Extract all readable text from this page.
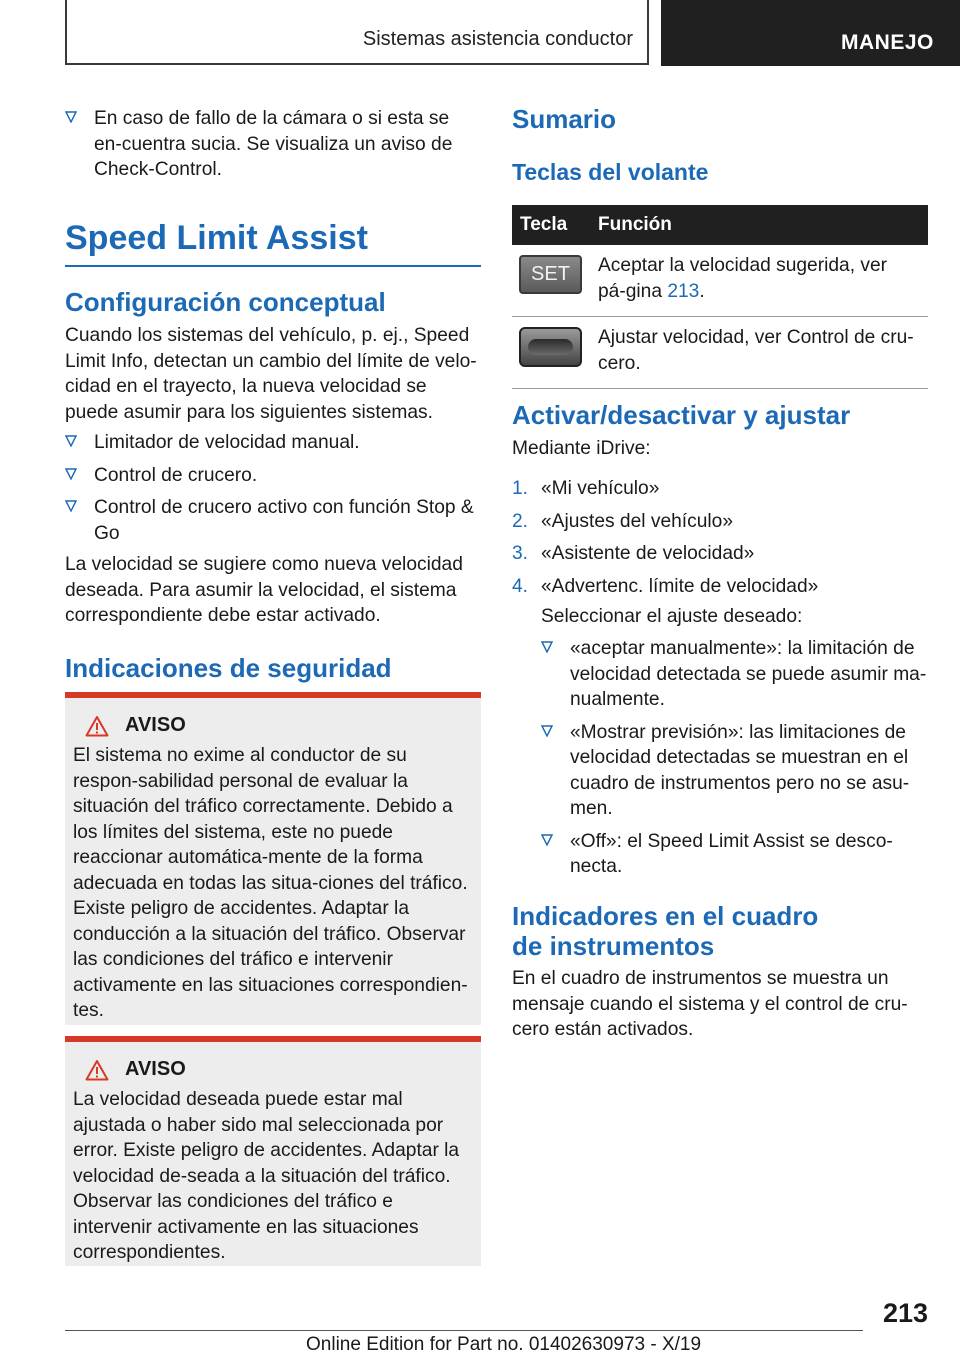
Sistemas asistencia conductor	MANEJO
En caso de fallo de la cámara o si esta se en-cuentra sucia. Se visualiza un aviso de Check-Control.
Speed Limit Assist
Configuración conceptual

Cuando los sistemas del vehículo, p. ej., Speed Limit Info, detectan un cambio del límite de velo-cidad en el trayecto, la nueva velocidad se puede asumir para los siguientes sistemas.

Limitador de velocidad manual.
Control de crucero.
Control de crucero activo con función Stop & Go

La velocidad se sugiere como nueva velocidad deseada. Para asumir la velocidad, el sistema correspondiente debe estar activado.

Indicaciones de seguridad
AVISO

El sistema no exime al conductor de su respon-sabilidad personal de evaluar la situación del tráfico correctamente. Debido a los límites del sistema, este no puede reaccionar automática-mente de la forma adecuada en todas las situa-ciones del tráfico. Existe peligro de accidentes. Adaptar la conducción a la situación del tráfico. Observar las condiciones del tráfico e intervenir activamente en las situaciones correspondien-tes.

AVISO

La velocidad deseada puede estar mal ajustada o haber sido mal seleccionada por error. Existe peligro de accidentes. Adaptar la velocidad de-seada a la situación del tráfico. Observar las condiciones del tráfico e intervenir activamente en las situaciones correspondientes.

Sumario
Teclas del volante
Tecla	Función

SET	Aceptar la velocidad sugerida, ver pá-gina 213.

	Ajustar velocidad, ver Control de cru-cero.
Activar/desactivar y ajustar

Mediante iDrive:

1. «Mi vehículo»
2. «Ajustes del vehículo»
3. «Asistente de velocidad»
4. «Advertenc. límite de velocidad»

Seleccionar el ajuste deseado:

«aceptar manualmente»: la limitación de velocidad detectada se puede asumir ma-nualmente.
«Mostrar previsión»: las limitaciones de velocidad detectadas se muestran en el cuadro de instrumentos pero no se asu-men.
«Off»: el Speed Limit Assist se desco-necta.
Indicadores en el cuadro
de instrumentos

En el cuadro de instrumentos se muestra un mensaje cuando el sistema y el control de cru-cero están activados.

213
Online Edition for Part no. 01402630973 - X/19
